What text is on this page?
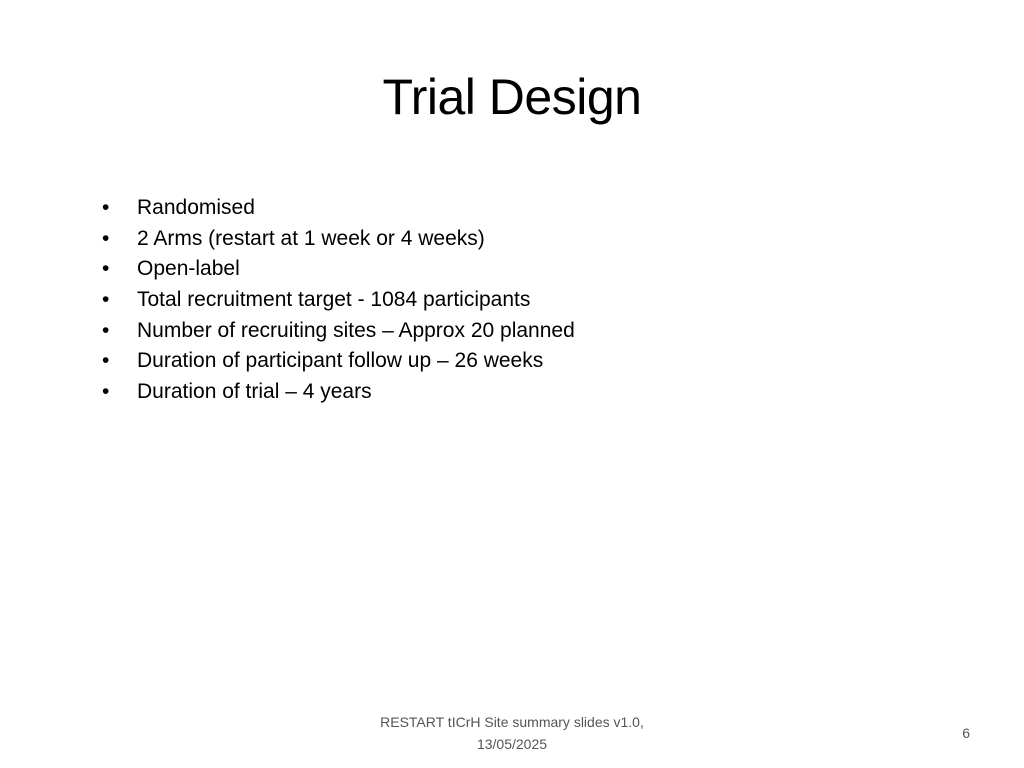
Trial Design
•	Randomised
•	2 Arms (restart at 1 week or 4 weeks)
•	Open-label
•	Total recruitment target - 1084 participants
•	Number of recruiting sites – Approx 20 planned
•	Duration of participant follow up – 26 weeks
•	Duration of trial – 4 years
RESTART tICrH Site summary slides v1.0,
13/05/2025
6
